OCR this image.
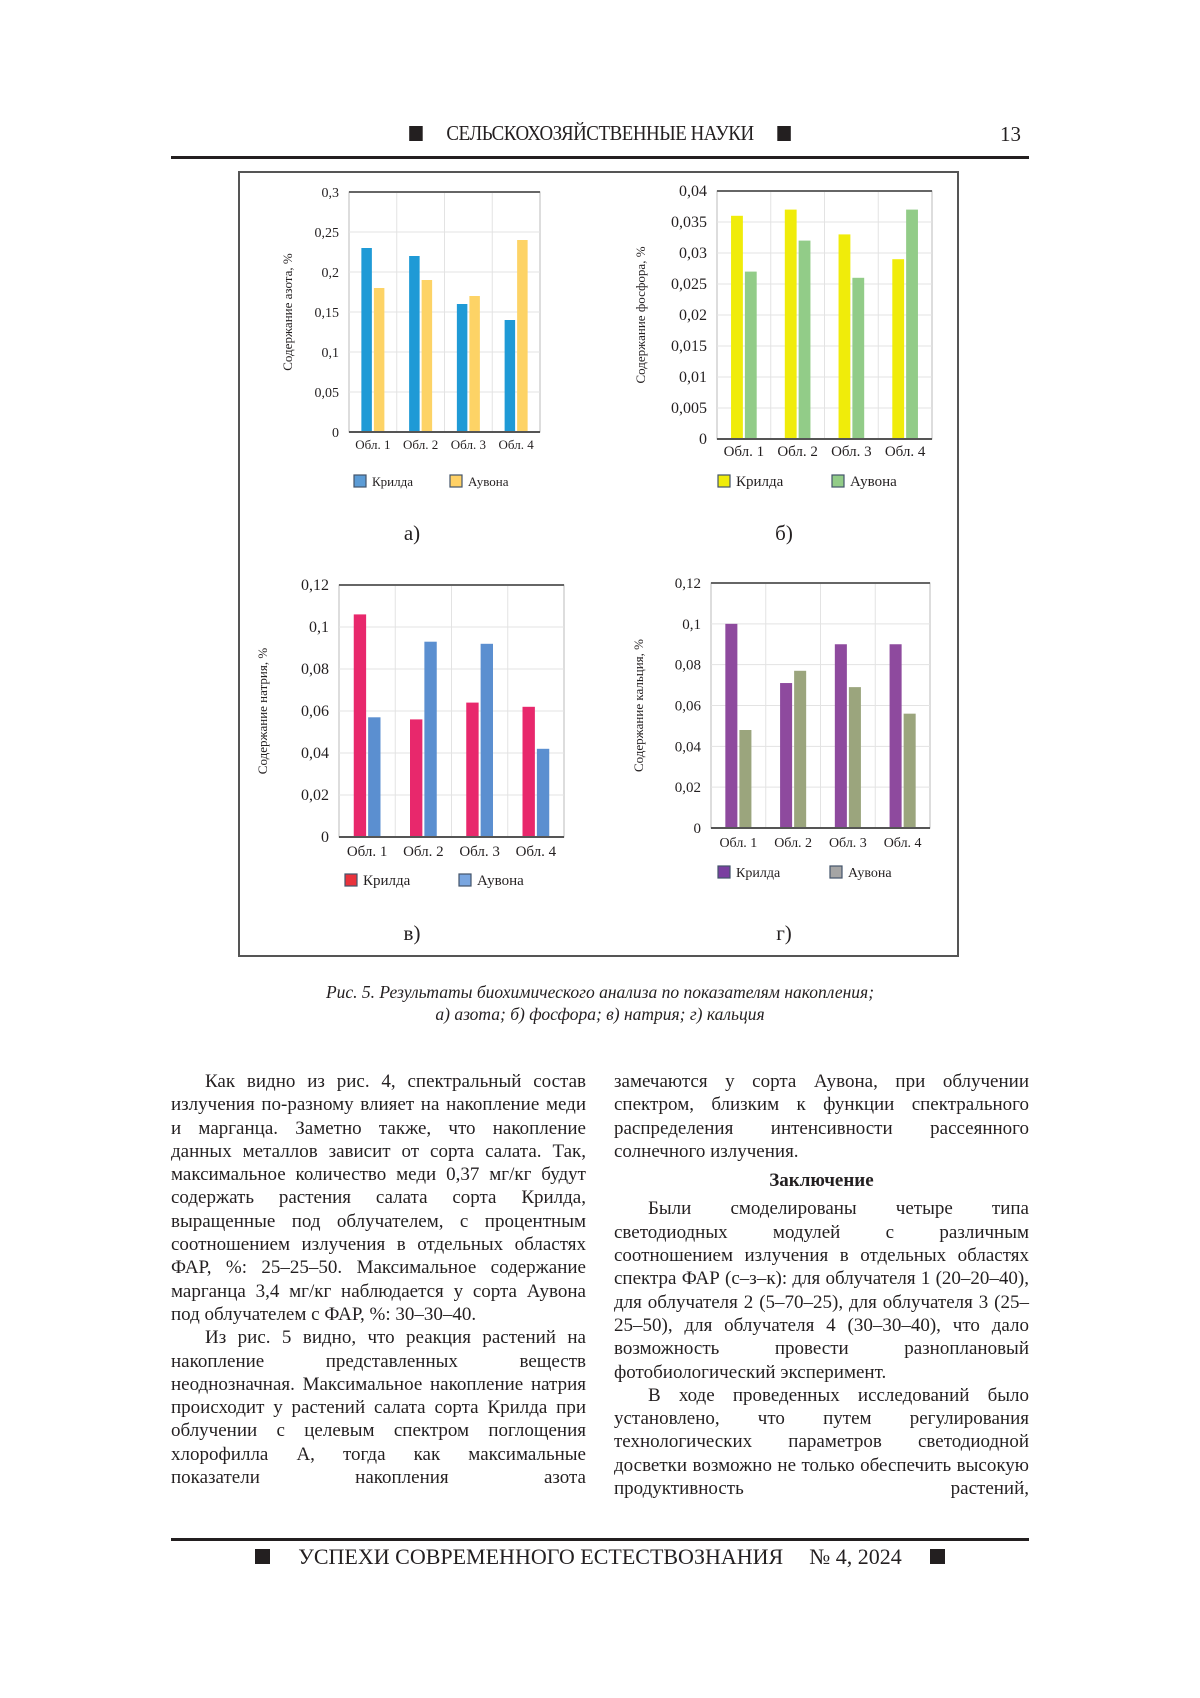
СЕЛЬСКОХОЗЯЙСТВЕННЫЕ НАУКИ	13
0
0,05
0,1
0,15
0,2
0,25
0,3
Обл. 1 Обл. 2 Обл. 3 Обл. 4
Содержание азота, %
Крилда	Аувона
а)
0
0,005
0,01
0,015
0,02
0,025
0,03
0,035
0,04
Обл. 1 Обл. 2 Обл. 3 Обл. 4
Содержание фосфора, %
Крилда	Аувона
б)
0
0,02
0,04
0,06
0,08
0,1
0,12
Обл. 1 Обл. 2 Обл. 3 Обл. 4
Содержание натрия, %
Крилда	Аувона
в)
0
0,02
0,04
0,06
0,08
0,1
0,12
Обл. 1 Обл. 2 Обл. 3 Обл. 4
Содержание кальция, %
Крилда	Аувона
г)
Рис. 5. Результаты биохимического анализа по показателям накопления;
а) азота; б) фосфора; в) натрия; г) кальция

Как видно из рис. 4, спектральный состав излучения по-разному влияет на накопление меди и марганца. Заметно также, что накопление данных металлов зависит от сорта салата. Так, максимальное количество меди 0,37 мг/кг будут содержать растения салата сорта Крилда, выращенные под облучателем, с процентным соотношением излучения в отдельных областях ФАР, %: 25–25–50. Максимальное содержание марганца 3,4 мг/кг наблюдается у сорта Аувона под облучателем с ФАР, %: 30–30–40.

Из рис. 5 видно, что реакция растений на накопление представленных веществ неоднозначная. Максимальное накопление натрия происходит у растений салата сорта Крилда при облучении с целевым спектром поглощения хлорофилла А, тогда как максимальные показатели накопления азота

замечаются у сорта Аувона, при облучении спектром, близким к функции спектрального распределения интенсивности рассеянного солнечного излучения.

Заключение

Были смоделированы четыре типа светодиодных модулей с различным соотношением излучения в отдельных областях спектра ФАР (с–з–к): для облучателя 1 (20–20–40), для облучателя 2 (5–70–25), для облучателя 3 (25–25–50), для облучателя 4 (30–30–40), что дало возможность провести разноплановый фотобиологический эксперимент.

В ходе проведенных исследований было установлено, что путем регулирования технологических параметров светодиодной досветки возможно не только обеспечить высокую продуктивность растений,

УСПЕХИ СОВРЕМЕННОГО ЕСТЕСТВОЗНАНИЯ № 4, 2024
